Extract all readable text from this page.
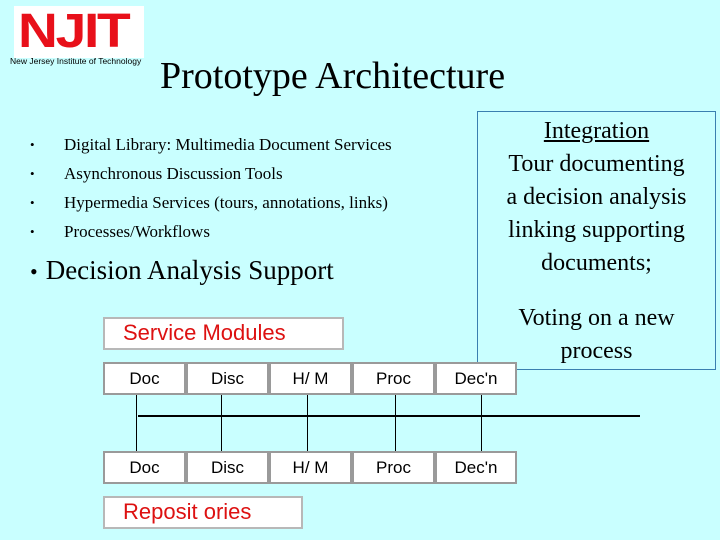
NJIT
New Jersey Institute of Technology Prototype Architecture
• Digital Library: Multimedia Document Services
• Asynchronous Discussion Tools
• Hypermedia Services (tours, annotations, links)
• Processes/Workflows
• Decision Analysis Support
Integration
Tour documenting
a decision analysis
linking supporting
documents;
Voting on a new
process
Service Modules
Doc	Disc	H/ M	Proc	Dec'n
Doc	Disc	H/ M	Proc	Dec'n
Reposit ories
